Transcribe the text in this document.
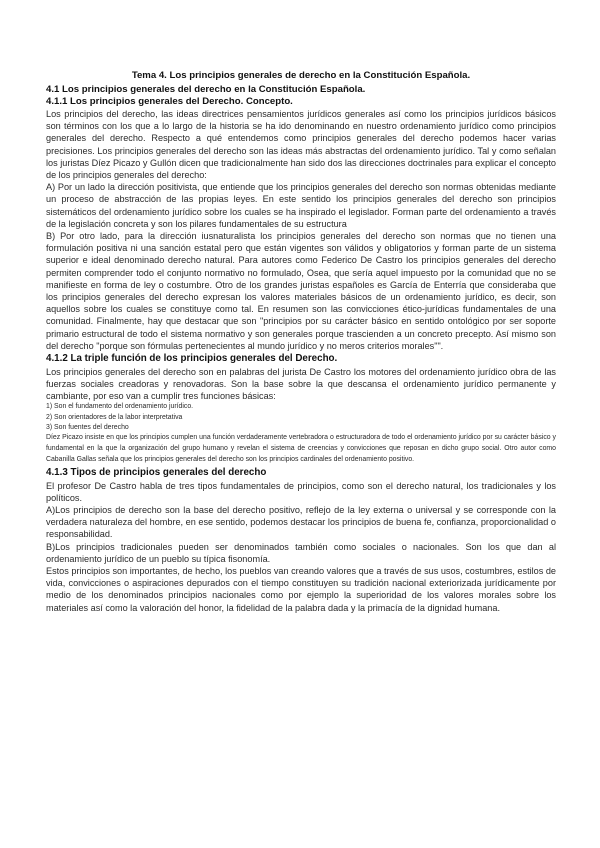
Tema 4. Los principios generales de derecho en la Constitución Española.
4.1 Los principios generales del derecho en la Constitución Española.
4.1.1 Los principios generales del Derecho. Concepto.

Los principios del derecho, las ideas directrices pensamientos jurídicos generales así como los principios jurídicos básicos son términos con los que a lo largo de la historia se ha ido denominando en nuestro ordenamiento jurídico como principios generales del derecho. Respecto a qué entendemos como principios generales del derecho podemos hacer varias precisiones. Los principios generales del derecho son las ideas más abstractas del ordenamiento jurídico. Tal y como señalan los juristas Díez Picazo y Gullón dicen que tradicionalmente han sido dos las direcciones doctrinales para explicar el concepto de los principios generales del derecho:

A) Por un lado la dirección positivista, que entiende que los principios generales del derecho son normas obtenidas mediante un proceso de abstracción de las propias leyes. En este sentido los principios generales del derecho son principios sistemáticos del ordenamiento jurídico sobre los cuales se ha inspirado el legislador. Forman parte del ordenamiento a través de la legislación concreta y son los pilares fundamentales de su estructura

B) Por otro lado, para la dirección iusnaturalista los principios generales del derecho son normas que no tienen una formulación positiva ni una sanción estatal pero que están vigentes son válidos y obligatorios y forman parte de un sistema superior e ideal denominado derecho natural. Para autores como Federico De Castro los principios generales del derecho permiten comprender todo el conjunto normativo no formulado, Osea, que sería aquel impuesto por la comunidad que no se manifieste en forma de ley o costumbre. Otro de los grandes juristas españoles es García de Enterría que consideraba que los principios generales del derecho expresan los valores materiales básicos de un ordenamiento jurídico, es decir, son aquellos sobre los cuales se constituye como tal. En resumen son las convicciones ético-jurídicas fundamentales de una comunidad. Finalmente, hay que destacar que son "principios por su carácter básico en sentido ontológico por ser soporte primario estructural de todo el sistema normativo y son generales porque trascienden a un concreto precepto. Así mismo son del derecho "porque son fórmulas pertenecientes al mundo jurídico y no meros criterios morales"".

4.1.2 La triple función de los principios generales del Derecho.

Los principios generales del derecho son en palabras del jurista De Castro los motores del ordenamiento jurídico obra de las fuerzas sociales creadoras y renovadoras. Son la base sobre la que descansa el ordenamiento jurídico permanente y cambiante, por eso van a cumplir tres funciones básicas:

1) Son el fundamento del ordenamiento jurídico.
2) Son orientadores de la labor interpretativa
3) Son fuentes del derecho

Díez Picazo insiste en que los principios cumplen una función verdaderamente vertebradora o estructuradora de todo el ordenamiento jurídico por su carácter básico y fundamental en la que la organización del grupo humano y revelan el sistema de creencias y convicciones que reposan en dicho grupo social. Otro autor como Cabanilla Gallas señala que los principios generales del derecho son los principios cardinales del ordenamiento positivo.

4.1.3 Tipos de principios generales del derecho

El profesor De Castro habla de tres tipos fundamentales de principios, como son el derecho natural, los tradicionales y los políticos.

A)Los principios de derecho son la base del derecho positivo, reflejo de la ley externa o universal y se corresponde con la verdadera naturaleza del hombre, en ese sentido, podemos destacar los principios de buena fe, confianza, proporcionalidad o responsabilidad.

B)Los principios tradicionales pueden ser denominados también como sociales o nacionales. Son los que dan al ordenamiento jurídico de un pueblo su típica fisonomía.

Estos principios son importantes, de hecho, los pueblos van creando valores que a través de sus usos, costumbres, estilos de vida, convicciones o aspiraciones depurados con el tiempo constituyen su tradición nacional exteriorizada jurídicamente por medio de los denominados principios nacionales como por ejemplo la superioridad de los valores morales sobre los materiales así como la valoración del honor, la fidelidad de la palabra dada y la primacía de la dignidad humana.
